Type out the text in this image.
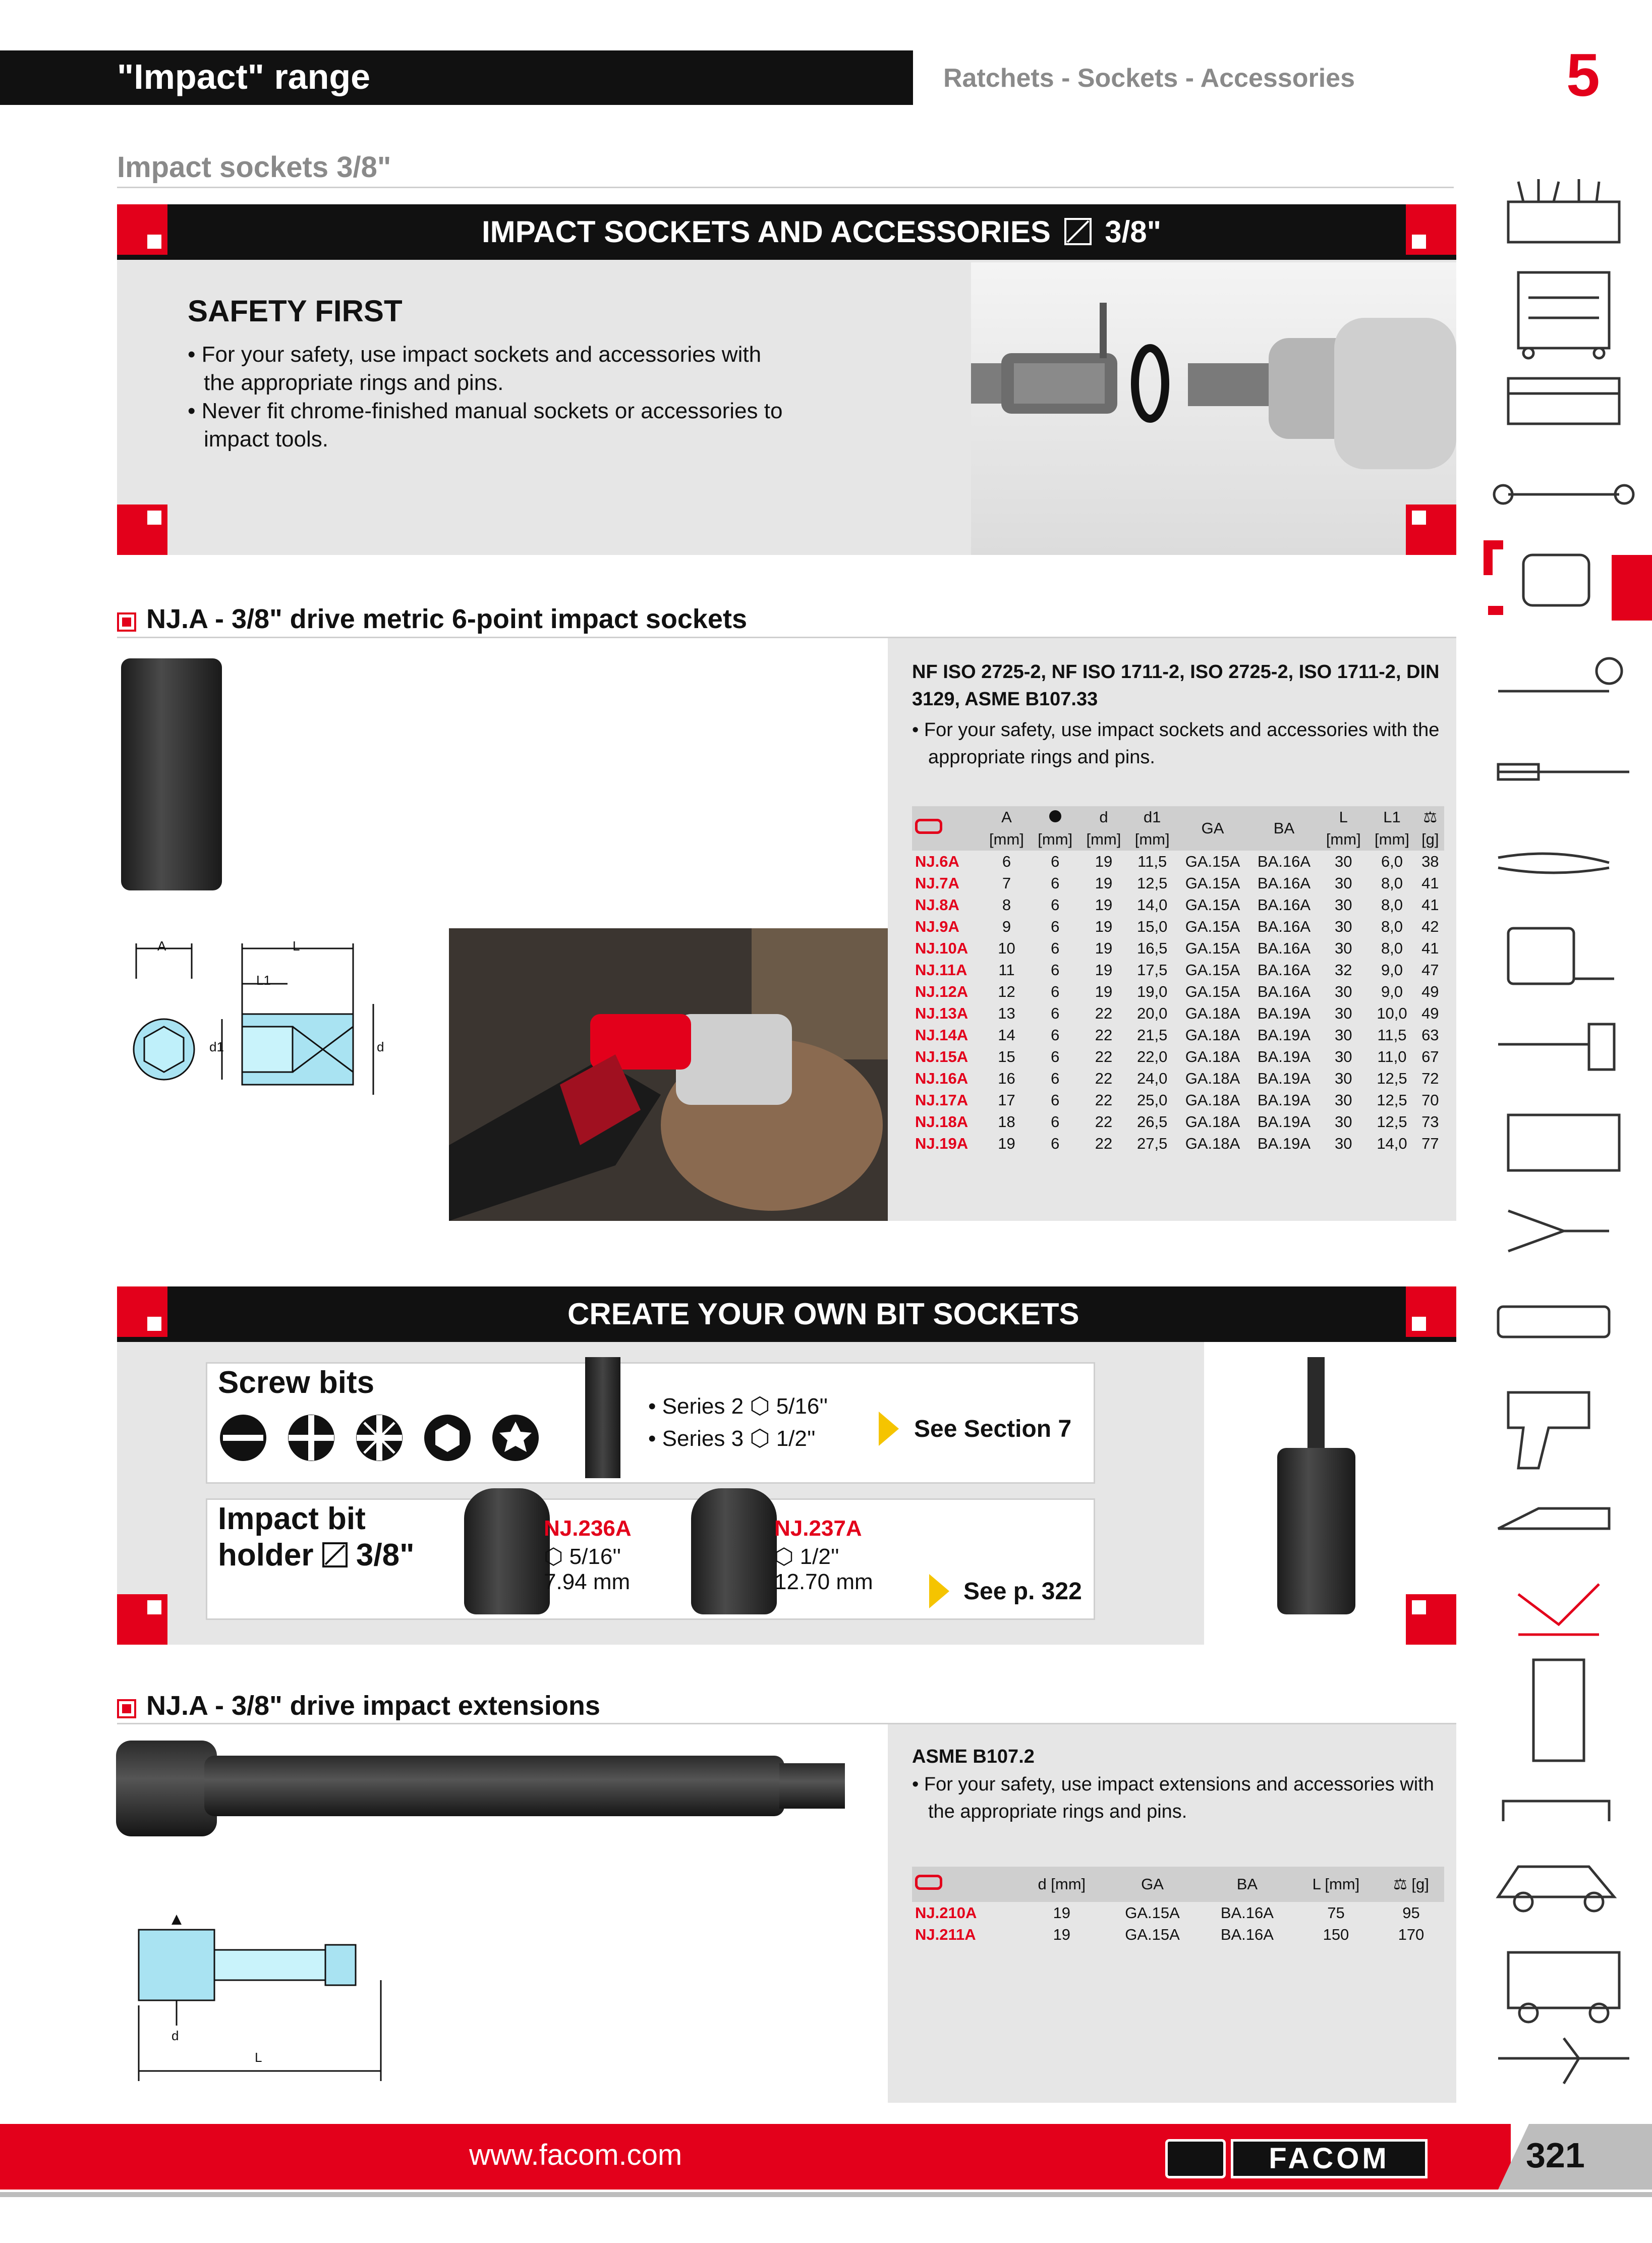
"Impact" range	Ratchets - Sockets - Accessories	5
Impact sockets 3/8"
IMPACT SOCKETS AND ACCESSORIES 3/8"
SAFETY FIRST
• For your safety, use impact sockets and accessories with the appropriate rings and pins.
• Never fit chrome-finished manual sockets or accessories to impact tools.
NJ.A - 3/8" drive metric 6-point impact sockets
A	L
L1
d1	d
NF ISO 2725-2, NF ISO 1711-2, ISO 2725-2, ISO 1711-2, DIN 3129, ASME B107.33
• For your safety, use impact sockets and accessories with the appropriate rings and pins.
	A		d	d1	GA	BA	L	L1	⚖
	[mm]	[mm]	[mm]	[mm]			[mm]	[mm]	[g]
NJ.6A	6	6	19	11,5	GA.15A	BA.16A	30	6,0	38
NJ.7A	7	6	19	12,5	GA.15A	BA.16A	30	8,0	41
NJ.8A	8	6	19	14,0	GA.15A	BA.16A	30	8,0	41
NJ.9A	9	6	19	15,0	GA.15A	BA.16A	30	8,0	42
NJ.10A	10	6	19	16,5	GA.15A	BA.16A	30	8,0	41
NJ.11A	11	6	19	17,5	GA.15A	BA.16A	32	9,0	47
NJ.12A	12	6	19	19,0	GA.15A	BA.16A	30	9,0	49
NJ.13A	13	6	22	20,0	GA.18A	BA.19A	30	10,0	49
NJ.14A	14	6	22	21,5	GA.18A	BA.19A	30	11,5	63
NJ.15A	15	6	22	22,0	GA.18A	BA.19A	30	11,0	67
NJ.16A	16	6	22	24,0	GA.18A	BA.19A	30	12,5	72
NJ.17A	17	6	22	25,0	GA.18A	BA.19A	30	12,5	70
NJ.18A	18	6	22	26,5	GA.18A	BA.19A	30	12,5	73
NJ.19A	19	6	22	27,5	GA.18A	BA.19A	30	14,0	77
CREATE YOUR OWN BIT SOCKETS
Screw bits
• Series 2 ⬡ 5/16''
• Series 3 ⬡ 1/2''	See Section 7
Impact bit
holder 3/8"
NJ.236A
⬡ 5/16''
7.94 mm
NJ.237A
⬡ 1/2''
12.70 mm	See p. 322
NJ.A - 3/8" drive impact extensions
d
L
ASME B107.2
• For your safety, use impact extensions and accessories with the appropriate rings and pins.
	d [mm]	GA	BA	L [mm]	⚖ [g]
NJ.210A	19	GA.15A	BA.16A	75	95
NJ.211A	19	GA.15A	BA.16A	150	170
www.facom.com	FACOM	321
